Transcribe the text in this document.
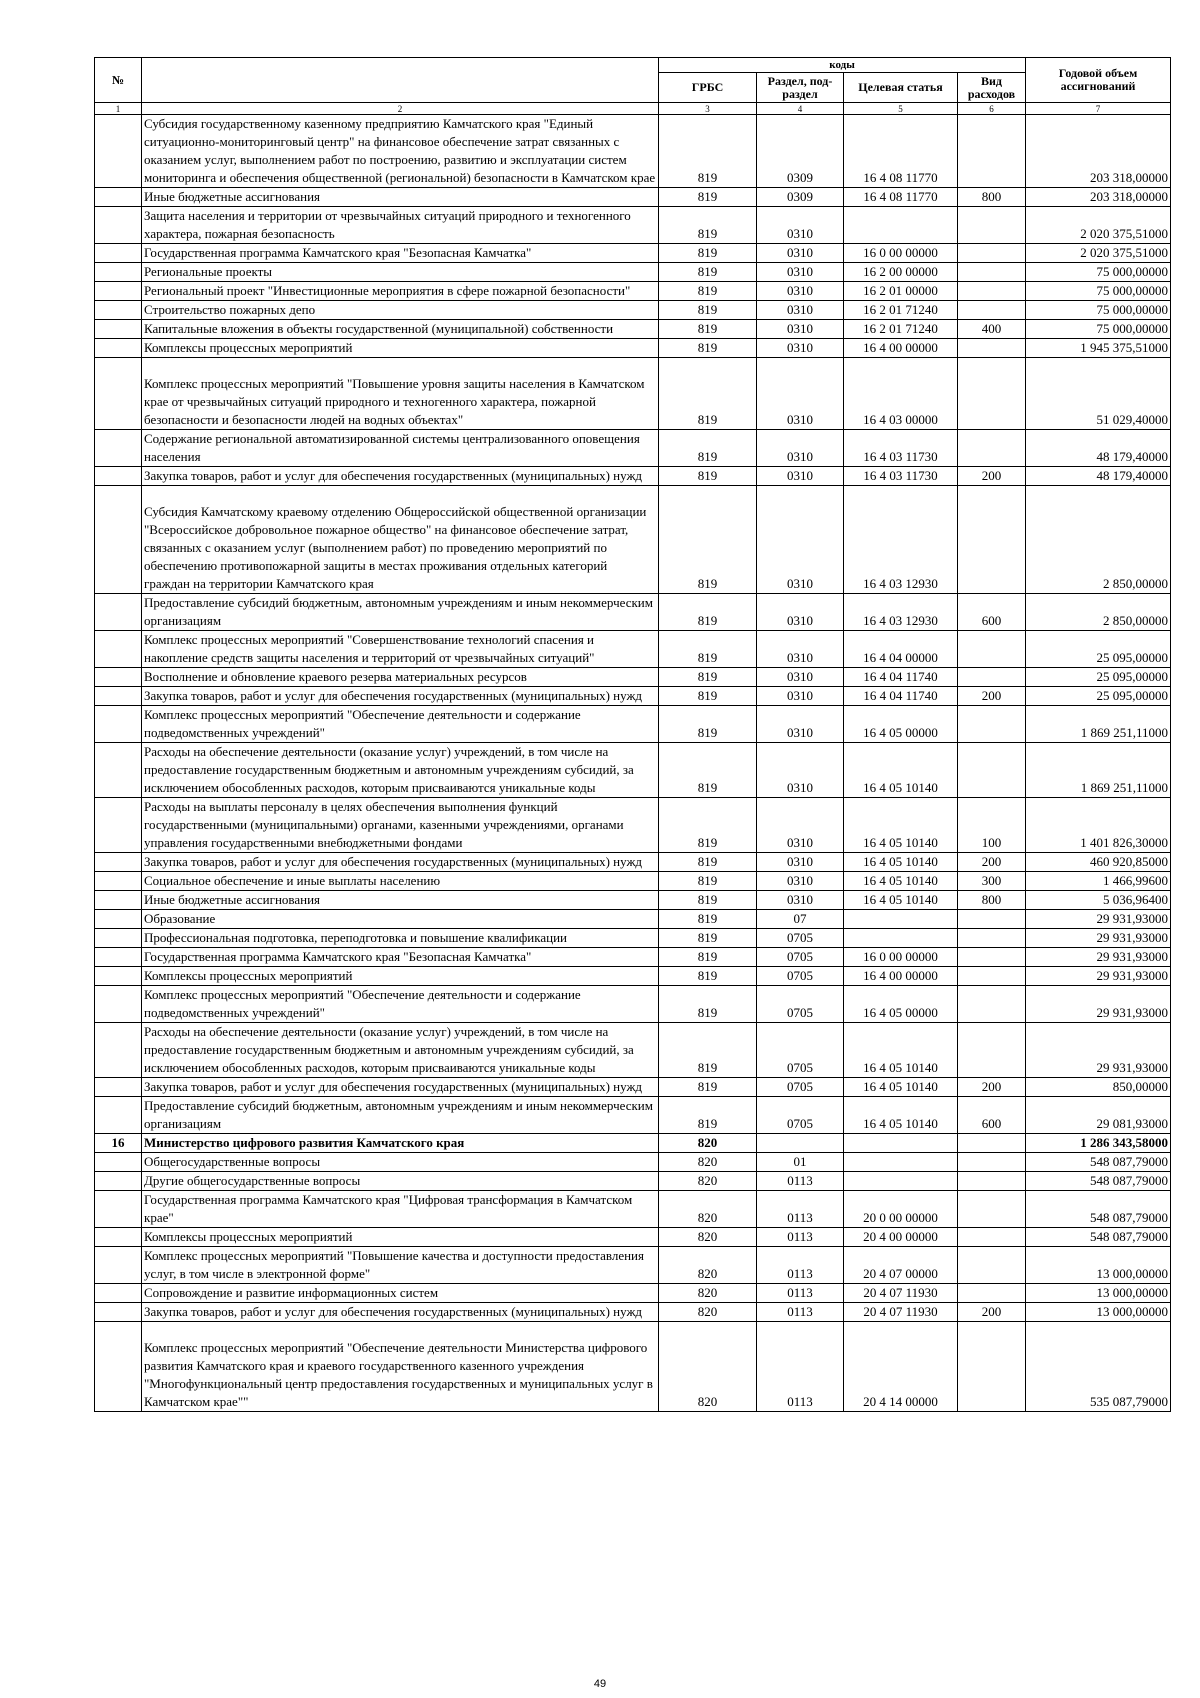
№		коды				Годовой объем ассигнований
		ГРБС	Раздел, под-раздел	Целевая статья	Вид расходов	
1	2	3	4	5	6	7
	Субсидия государственному казенному предприятию Камчатского края "Единый ситуационно-мониторинговый центр" на финансовое обеспечение затрат связанных с оказанием услуг, выполнением работ по построению, развитию и эксплуатации систем мониторинга и обеспечения общественной (региональной) безопасности в Камчатском крае	819	0309	16 4 08 11770		203 318,00000
	Иные бюджетные ассигнования	819	0309	16 4 08 11770	800	203 318,00000
	Защита населения и территории от чрезвычайных ситуаций природного и техногенного характера, пожарная безопасность	819	0310			2 020 375,51000
	Государственная программа Камчатского края "Безопасная Камчатка"	819	0310	16 0 00 00000		2 020 375,51000
	Региональные проекты	819	0310	16 2 00 00000		75 000,00000
	Региональный проект "Инвестиционные мероприятия в сфере пожарной безопасности"	819	0310	16 2 01 00000		75 000,00000
	Строительство пожарных депо	819	0310	16 2 01 71240		75 000,00000
	Капитальные вложения в объекты государственной (муниципальной) собственности	819	0310	16 2 01 71240	400	75 000,00000
	Комплексы процессных мероприятий	819	0310	16 4 00 00000		1 945 375,51000
	Комплекс процессных мероприятий "Повышение уровня защиты населения в Камчатском крае от чрезвычайных ситуаций природного и техногенного характера, пожарной безопасности и безопасности людей на водных объектах"	819	0310	16 4 03 00000		51 029,40000
	Содержание региональной автоматизированной системы централизованного оповещения населения	819	0310	16 4 03 11730		48 179,40000
	Закупка товаров, работ и услуг для обеспечения государственных (муниципальных) нужд	819	0310	16 4 03 11730	200	48 179,40000
	Субсидия Камчатскому краевому отделению Общероссийской общественной организации "Всероссийское добровольное пожарное общество" на финансовое обеспечение затрат, связанных с оказанием услуг (выполнением работ) по проведению мероприятий по обеспечению противопожарной защиты в местах проживания отдельных категорий граждан на территории Камчатского края	819	0310	16 4 03 12930		2 850,00000
	Предоставление субсидий бюджетным, автономным учреждениям и иным некоммерческим организациям	819	0310	16 4 03 12930	600	2 850,00000
	Комплекс процессных мероприятий "Совершенствование технологий спасения и накопление средств защиты населения и территорий от чрезвычайных ситуаций"	819	0310	16 4 04 00000		25 095,00000
	Восполнение и обновление краевого резерва материальных ресурсов	819	0310	16 4 04 11740		25 095,00000
	Закупка товаров, работ и услуг для обеспечения государственных (муниципальных) нужд	819	0310	16 4 04 11740	200	25 095,00000
	Комплекс процессных мероприятий "Обеспечение деятельности и содержание подведомственных учреждений"	819	0310	16 4 05 00000		1 869 251,11000
	Расходы на обеспечение деятельности (оказание услуг) учреждений, в том числе на предоставление государственным бюджетным и автономным учреждениям субсидий, за исключением обособленных расходов, которым присваиваются уникальные коды	819	0310	16 4 05 10140		1 869 251,11000
	Расходы на выплаты персоналу в целях обеспечения выполнения функций государственными (муниципальными) органами, казенными учреждениями, органами управления государственными внебюджетными фондами	819	0310	16 4 05 10140	100	1 401 826,30000
	Закупка товаров, работ и услуг для обеспечения государственных (муниципальных) нужд	819	0310	16 4 05 10140	200	460 920,85000
	Социальное обеспечение и иные выплаты населению	819	0310	16 4 05 10140	300	1 466,99600
	Иные бюджетные ассигнования	819	0310	16 4 05 10140	800	5 036,96400
	Образование	819	07			29 931,93000
	Профессиональная подготовка, переподготовка и повышение квалификации	819	0705			29 931,93000
	Государственная программа Камчатского края "Безопасная Камчатка"	819	0705	16 0 00 00000		29 931,93000
	Комплексы процессных мероприятий	819	0705	16 4 00 00000		29 931,93000
	Комплекс процессных мероприятий "Обеспечение деятельности и содержание подведомственных учреждений"	819	0705	16 4 05 00000		29 931,93000
	Расходы на обеспечение деятельности (оказание услуг) учреждений, в том числе на предоставление государственным бюджетным и автономным учреждениям субсидий, за исключением обособленных расходов, которым присваиваются уникальные коды	819	0705	16 4 05 10140		29 931,93000
	Закупка товаров, работ и услуг для обеспечения государственных (муниципальных) нужд	819	0705	16 4 05 10140	200	850,00000
	Предоставление субсидий бюджетным, автономным учреждениям и иным некоммерческим организациям	819	0705	16 4 05 10140	600	29 081,93000
16	Министерство цифрового развития Камчатского края	820				1 286 343,58000
	Общегосударственные вопросы	820	01			548 087,79000
	Другие общегосударственные вопросы	820	0113			548 087,79000
	Государственная программа Камчатского края "Цифровая трансформация в Камчатском крае"	820	0113	20 0 00 00000		548 087,79000
	Комплексы процессных мероприятий	820	0113	20 4 00 00000		548 087,79000
	Комплекс процессных мероприятий "Повышение качества и доступности предоставления услуг, в том числе в электронной форме"	820	0113	20 4 07 00000		13 000,00000
	Сопровождение и развитие информационных систем	820	0113	20 4 07 11930		13 000,00000
	Закупка товаров, работ и услуг для обеспечения государственных (муниципальных) нужд	820	0113	20 4 07 11930	200	13 000,00000
	Комплекс процессных мероприятий "Обеспечение деятельности Министерства цифрового развития Камчатского края и краевого государственного казенного учреждения "Многофункциональный центр предоставления государственных и муниципальных услуг в Камчатском крае""	820	0113	20 4 14 00000		535 087,79000
49
